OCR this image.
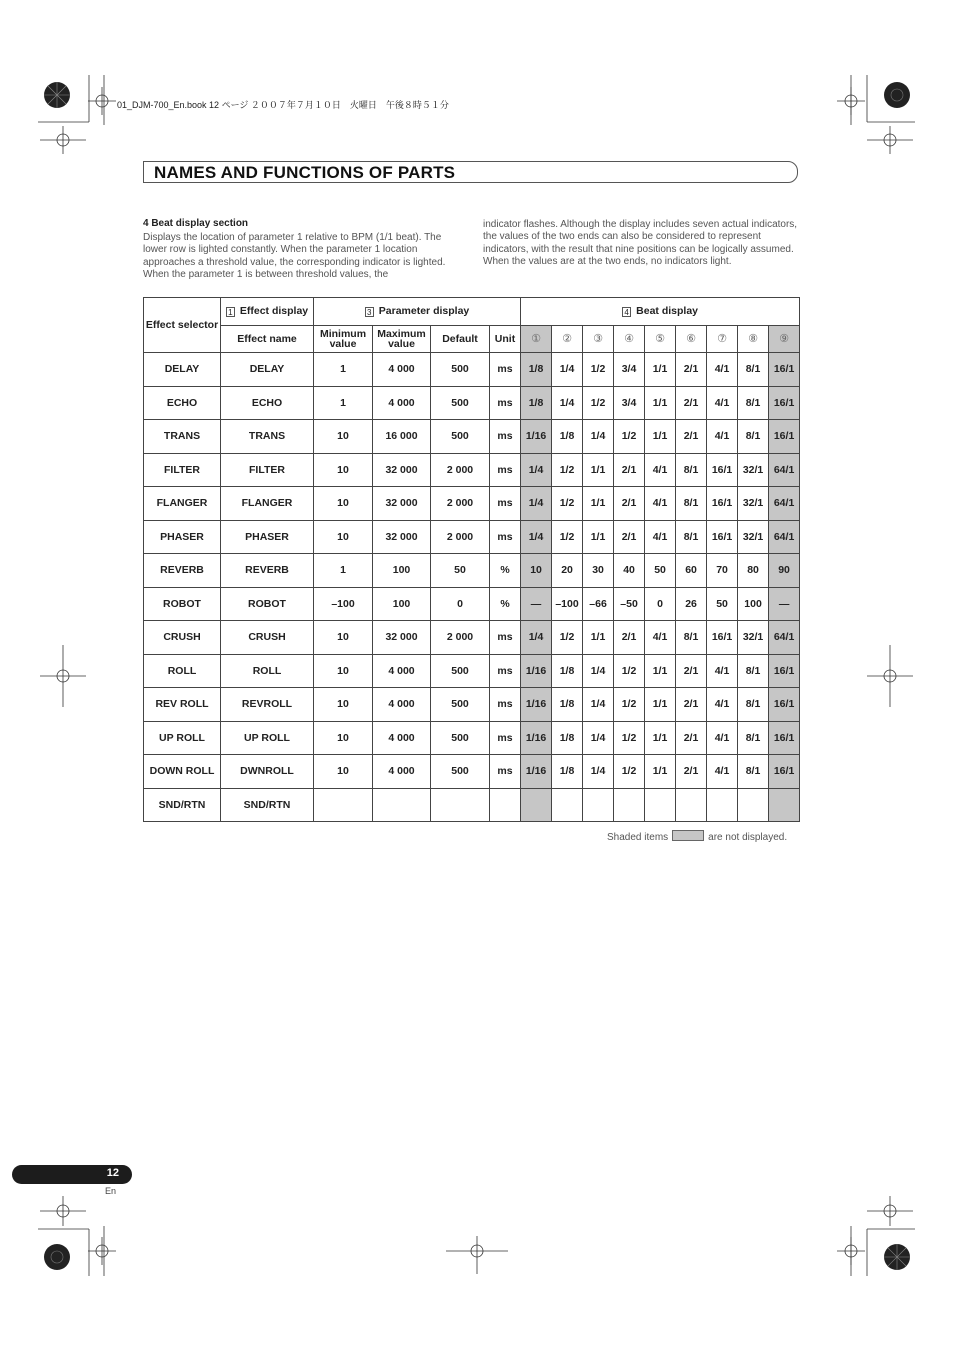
01_DJM-700_En.book 12 ページ ２００７年７月１０日　火曜日　午後８時５１分
NAMES AND FUNCTIONS OF PARTS
4 Beat display section
Displays the location of parameter 1 relative to BPM (1/1 beat). The lower row is lighted constantly. When the parameter 1 location approaches a threshold value, the corresponding indicator is lighted. When the parameter 1 is between threshold values, the
indicator flashes. Although the display includes seven actual indicators, the values of the two ends can also be considered to represent indicators, with the result that nine positions can be logically assumed. When the values are at the two ends, no indicators light.
Effect selector	1 Effect display	3 Parameter display				4 Beat display								
	Effect name	Minimum value	Maximum value	Default	Unit	①	②	③	④	⑤	⑥	⑦	⑧	⑨
DELAY	DELAY	1	4 000	500	ms	1/8	1/4	1/2	3/4	1/1	2/1	4/1	8/1	16/1
ECHO	ECHO	1	4 000	500	ms	1/8	1/4	1/2	3/4	1/1	2/1	4/1	8/1	16/1
TRANS	TRANS	10	16 000	500	ms	1/16	1/8	1/4	1/2	1/1	2/1	4/1	8/1	16/1
FILTER	FILTER	10	32 000	2 000	ms	1/4	1/2	1/1	2/1	4/1	8/1	16/1	32/1	64/1
FLANGER	FLANGER	10	32 000	2 000	ms	1/4	1/2	1/1	2/1	4/1	8/1	16/1	32/1	64/1
PHASER	PHASER	10	32 000	2 000	ms	1/4	1/2	1/1	2/1	4/1	8/1	16/1	32/1	64/1
REVERB	REVERB	1	100	50	%	10	20	30	40	50	60	70	80	90
ROBOT	ROBOT	–100	100	0	%	—	–100	–66	–50	0	26	50	100	—
CRUSH	CRUSH	10	32 000	2 000	ms	1/4	1/2	1/1	2/1	4/1	8/1	16/1	32/1	64/1
ROLL	ROLL	10	4 000	500	ms	1/16	1/8	1/4	1/2	1/1	2/1	4/1	8/1	16/1
REV ROLL	REVROLL	10	4 000	500	ms	1/16	1/8	1/4	1/2	1/1	2/1	4/1	8/1	16/1
UP ROLL	UP ROLL	10	4 000	500	ms	1/16	1/8	1/4	1/2	1/1	2/1	4/1	8/1	16/1
DOWN ROLL	DWNROLL	10	4 000	500	ms	1/16	1/8	1/4	1/2	1/1	2/1	4/1	8/1	16/1
SND/RTN	SND/RTN													
Shaded items	are not displayed.
12
En
